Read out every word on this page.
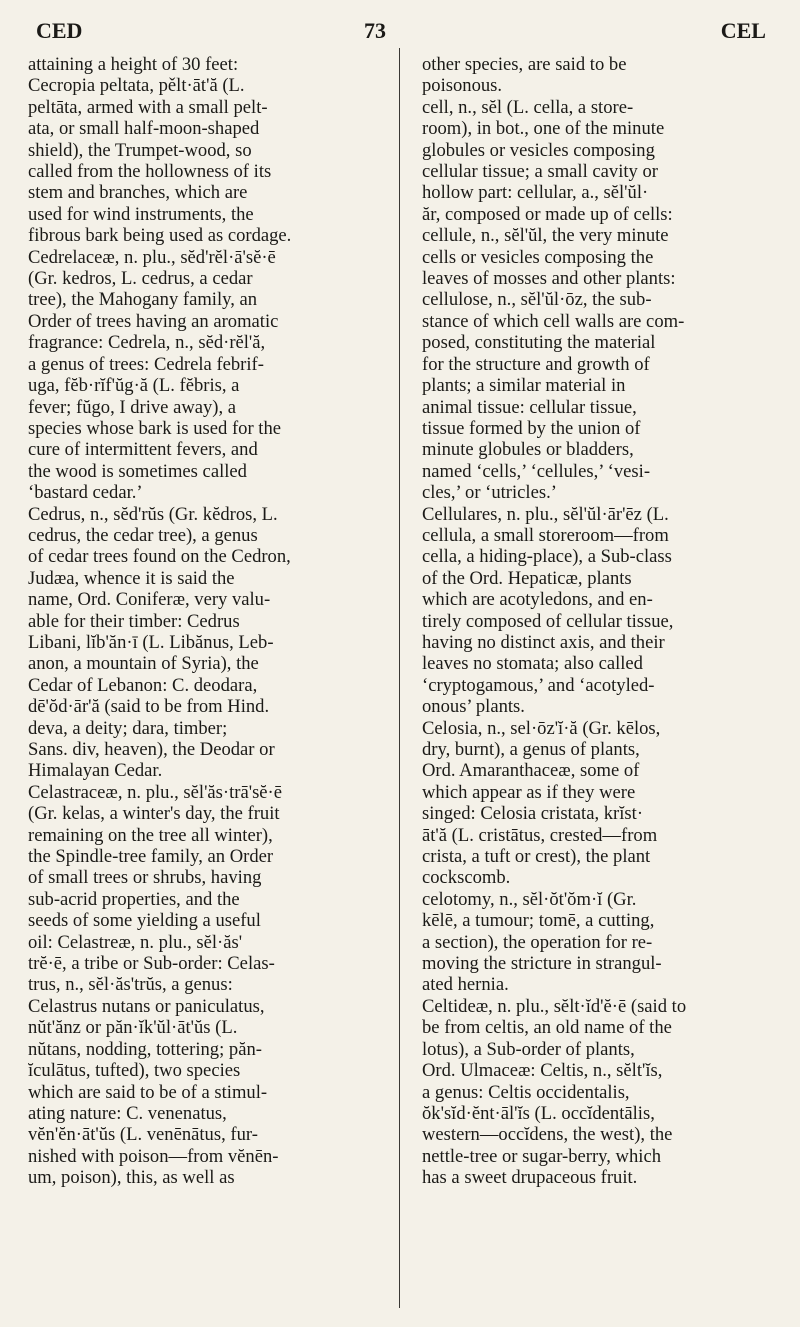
CED	73	CEL
attaining a height of 30 feet:
Cecropia peltata, pělt·āt'ă (L.
peltāta, armed with a small pelt-
ata, or small half-moon-shaped
shield), the Trumpet-wood, so
called from the hollowness of its
stem and branches, which are
used for wind instruments, the
fibrous bark being used as cordage.
Cedrelaceæ, n. plu., sĕd'rĕl·ā'sĕ·ē
(Gr. kedros, L. cedrus, a cedar
tree), the Mahogany family, an
Order of trees having an aromatic
fragrance: Cedrela, n., sĕd·rĕl'ă,
a genus of trees: Cedrela febrif-
uga, fĕb·rĭf'ŭg·ă (L. fĕbris, a
fever; fŭgo, I drive away), a
species whose bark is used for the
cure of intermittent fevers, and
the wood is sometimes called
‘bastard cedar.’
Cedrus, n., sĕd'rŭs (Gr. kĕdros, L.
cedrus, the cedar tree), a genus
of cedar trees found on the Cedron,
Judæa, whence it is said the
name, Ord. Coniferæ, very valu-
able for their timber: Cedrus
Libani, lĭb'ăn·ī (L. Libănus, Leb-
anon, a mountain of Syria), the
Cedar of Lebanon: C. deodara,
dē'ŏd·ār'ă (said to be from Hind.
deva, a deity; dara, timber;
Sans. div, heaven), the Deodar or
Himalayan Cedar.
Celastraceæ, n. plu., sĕl'ăs·trā'sĕ·ē
(Gr. kelas, a winter's day, the fruit
remaining on the tree all winter),
the Spindle-tree family, an Order
of small trees or shrubs, having
sub-acrid properties, and the
seeds of some yielding a useful
oil: Celastreæ, n. plu., sĕl·ăs'
trĕ·ē, a tribe or Sub-order: Celas-
trus, n., sĕl·ăs'trŭs, a genus:
Celastrus nutans or paniculatus,
nŭt'ănz or păn·ĭk'ŭl·āt'ŭs (L.
nŭtans, nodding, tottering; păn-
ĭculātus, tufted), two species
which are said to be of a stimul-
ating nature: C. venenatus,
vĕn'ĕn·āt'ŭs (L. venēnātus, fur-
nished with poison—from vĕnēn-
um, poison), this, as well as
other species, are said to be
poisonous.
cell, n., sĕl (L. cella, a store-
room), in bot., one of the minute
globules or vesicles composing
cellular tissue; a small cavity or
hollow part: cellular, a., sĕl'ŭl·
ăr, composed or made up of cells:
cellule, n., sĕl'ŭl, the very minute
cells or vesicles composing the
leaves of mosses and other plants:
cellulose, n., sĕl'ŭl·ōz, the sub-
stance of which cell walls are com-
posed, constituting the material
for the structure and growth of
plants; a similar material in
animal tissue: cellular tissue,
tissue formed by the union of
minute globules or bladders,
named ‘cells,’ ‘cellules,’ ‘vesi-
cles,’ or ‘utricles.’
Cellulares, n. plu., sĕl'ŭl·ār'ēz (L.
cellula, a small storeroom—from
cella, a hiding-place), a Sub-class
of the Ord. Hepaticæ, plants
which are acotyledons, and en-
tirely composed of cellular tissue,
having no distinct axis, and their
leaves no stomata; also called
‘cryptogamous,’ and ‘acotyled-
onous’ plants.
Celosia, n., sel·ōz'ĭ·ă (Gr. kēlos,
dry, burnt), a genus of plants,
Ord. Amaranthaceæ, some of
which appear as if they were
singed: Celosia cristata, krĭst·
āt'ă (L. cristātus, crested—from
crista, a tuft or crest), the plant
cockscomb.
celotomy, n., sĕl·ŏt'ŏm·ĭ (Gr.
kēlē, a tumour; tomē, a cutting,
a section), the operation for re-
moving the stricture in strangul-
ated hernia.
Celtideæ, n. plu., sĕlt·ĭd'ĕ·ē (said to
be from celtis, an old name of the
lotus), a Sub-order of plants,
Ord. Ulmaceæ: Celtis, n., sĕlt'ĭs,
a genus: Celtis occidentalis,
ŏk'sĭd·ĕnt·āl'ĭs (L. occĭdentālis,
western—occĭdens, the west), the
nettle-tree or sugar-berry, which
has a sweet drupaceous fruit.
